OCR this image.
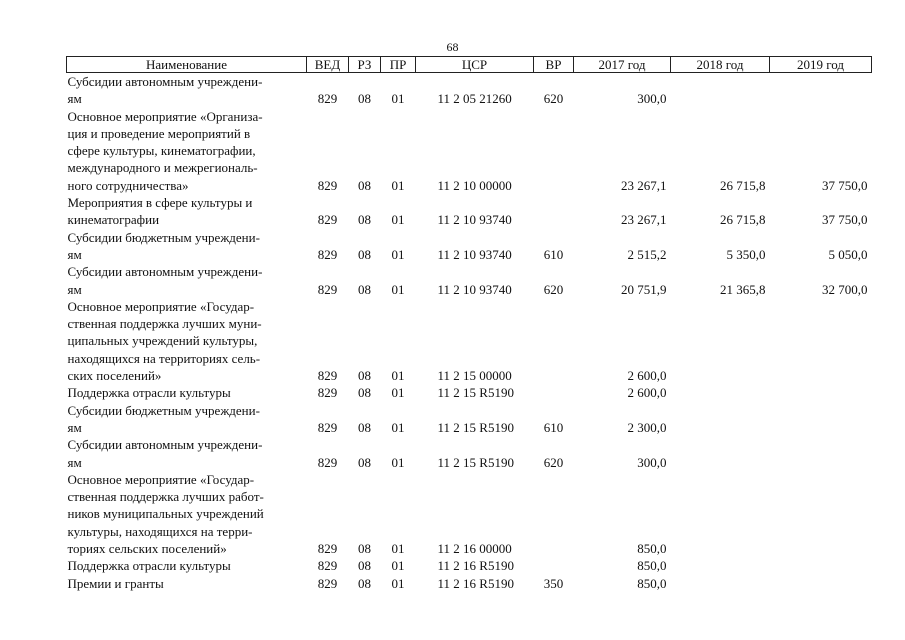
68
Наименование	ВЕД	РЗ	ПР	ЦСР	ВР	2017 год	2018 год	2019 год

Субсидии автономным учреждени-
ям	829	08	01	11 2 05 21260	620	300,0		

Основное мероприятие «Организа-
ция и проведение мероприятий в
сфере культуры, кинематографии,
международного и межрегиональ-
ного сотрудничества»	829	08	01	11 2 10 00000		23 267,1	26 715,8	37 750,0

Мероприятия в сфере культуры и
кинематографии	829	08	01	11 2 10 93740		23 267,1	26 715,8	37 750,0

Субсидии бюджетным учреждени-
ям	829	08	01	11 2 10 93740	610	2 515,2	5 350,0	5 050,0

Субсидии автономным учреждени-
ям	829	08	01	11 2 10 93740	620	20 751,9	21 365,8	32 700,0

Основное мероприятие «Государ-
ственная поддержка лучших муни-
ципальных учреждений культуры,
находящихся на территориях сель-
ских поселений»	829	08	01	11 2 15 00000		2 600,0		

Поддержка отрасли культуры	829	08	01	11 2 15 R5190		2 600,0		

Субсидии бюджетным учреждени-
ям	829	08	01	11 2 15 R5190	610	2 300,0		

Субсидии автономным учреждени-
ям	829	08	01	11 2 15 R5190	620	300,0		

Основное мероприятие «Государ-
ственная поддержка лучших работ-
ников муниципальных учреждений
культуры, находящихся на терри-
ториях сельских поселений»	829	08	01	11 2 16 00000		850,0		

Поддержка отрасли культуры	829	08	01	11 2 16 R5190		850,0		

Премии и гранты	829	08	01	11 2 16 R5190	350	850,0		
